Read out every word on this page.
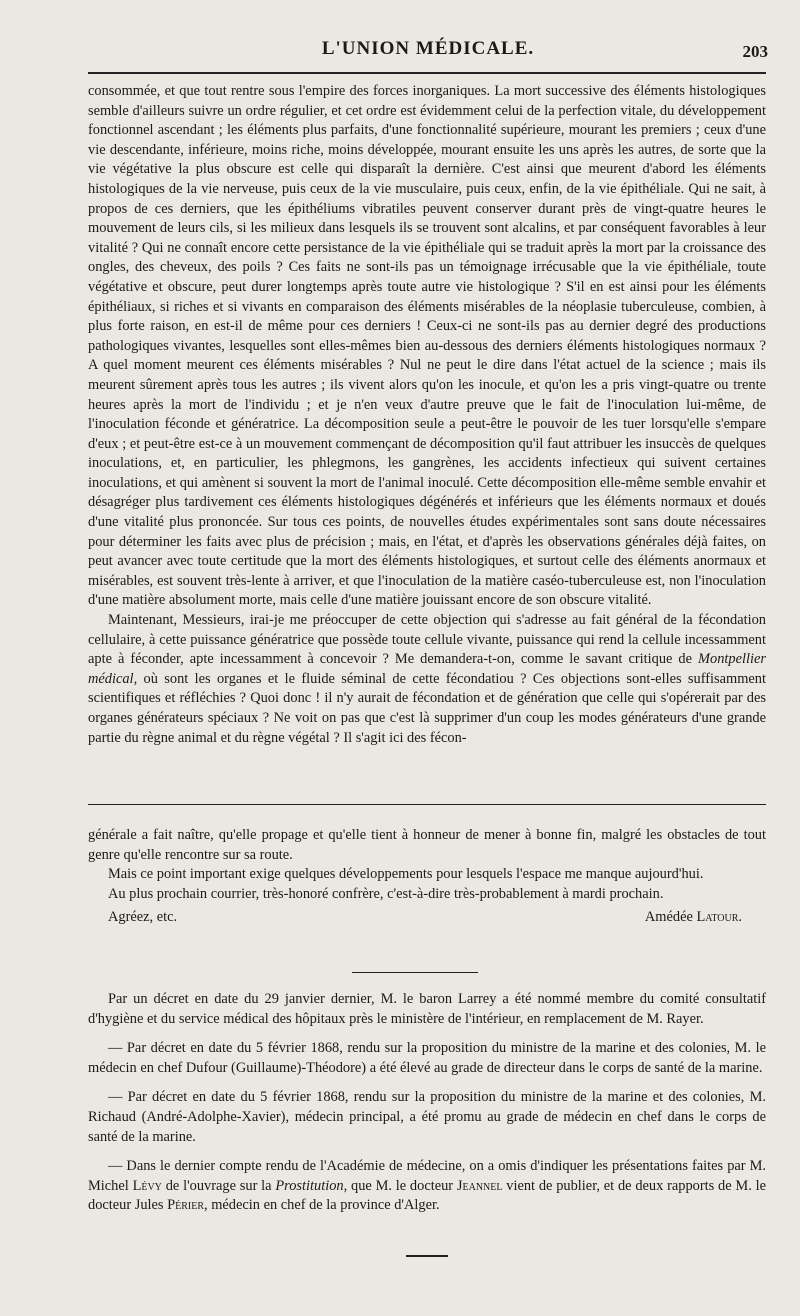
L'UNION MÉDICALE.	203

consommée, et que tout rentre sous l'empire des forces inorganiques. La mort successive des éléments histologiques semble d'ailleurs suivre un ordre régulier, et cet ordre est évidemment celui de la perfection vitale, du développement fonctionnel ascendant ; les éléments plus parfaits, d'une fonctionnalité supérieure, mourant les premiers ; ceux d'une vie descendante, inférieure, moins riche, moins développée, mourant ensuite les uns après les autres, de sorte que la vie végétative la plus obscure est celle qui disparaît la dernière. C'est ainsi que meurent d'abord les éléments histologiques de la vie nerveuse, puis ceux de la vie musculaire, puis ceux, enfin, de la vie épithéliale. Qui ne sait, à propos de ces derniers, que les épithéliums vibratiles peuvent conserver durant près de vingt-quatre heures le mouvement de leurs cils, si les milieux dans lesquels ils se trouvent sont alcalins, et par conséquent favorables à leur vitalité ? Qui ne connaît encore cette persistance de la vie épithéliale qui se traduit après la mort par la croissance des ongles, des cheveux, des poils ? Ces faits ne sont-ils pas un témoignage irrécusable que la vie épithéliale, toute végétative et obscure, peut durer longtemps après toute autre vie histologique ? S'il en est ainsi pour les éléments épithéliaux, si riches et si vivants en comparaison des éléments misérables de la néoplasie tuberculeuse, combien, à plus forte raison, en est-il de même pour ces derniers ! Ceux-ci ne sont-ils pas au dernier degré des productions pathologiques vivantes, lesquelles sont elles-mêmes bien au-dessous des derniers éléments histologiques normaux ? A quel moment meurent ces éléments misérables ? Nul ne peut le dire dans l'état actuel de la science ; mais ils meurent sûrement après tous les autres ; ils vivent alors qu'on les inocule, et qu'on les a pris vingt-quatre ou trente heures après la mort de l'individu ; et je n'en veux d'autre preuve que le fait de l'inoculation lui-même, de l'inoculation féconde et génératrice. La décomposition seule a peut-être le pouvoir de les tuer lorsqu'elle s'empare d'eux ; et peut-être est-ce à un mouvement commençant de décomposition qu'il faut attribuer les insuccès de quelques inoculations, et, en particulier, les phlegmons, les gangrènes, les accidents infectieux qui suivent certaines inoculations, et qui amènent si souvent la mort de l'animal inoculé. Cette décomposition elle-même semble envahir et désagréger plus tardivement ces éléments histologiques dégénérés et inférieurs que les éléments normaux et doués d'une vitalité plus prononcée. Sur tous ces points, de nouvelles études expérimentales sont sans doute nécessaires pour déterminer les faits avec plus de précision ; mais, en l'état, et d'après les observations générales déjà faites, on peut avancer avec toute certitude que la mort des éléments histologiques, et surtout celle des éléments anormaux et misérables, est souvent très-lente à arriver, et que l'inoculation de la matière caséo-tuberculeuse est, non l'inoculation d'une matière absolument morte, mais celle d'une matière jouissant encore de son obscure vitalité.

Maintenant, Messieurs, irai-je me préoccuper de cette objection qui s'adresse au fait général de la fécondation cellulaire, à cette puissance génératrice que possède toute cellule vivante, puissance qui rend la cellule incessamment apte à féconder, apte incessamment à concevoir ? Me demandera-t-on, comme le savant critique de Montpellier médical, où sont les organes et le fluide séminal de cette fécondatiou ? Ces objections sont-elles suffisamment scientifiques et réfléchies ? Quoi donc ! il n'y aurait de fécondation et de génération que celle qui s'opérerait par des organes générateurs spéciaux ? Ne voit on pas que c'est là supprimer d'un coup les modes générateurs d'une grande partie du règne animal et du règne végétal ? Il s'agit ici des fécon-

générale a fait naître, qu'elle propage et qu'elle tient à honneur de mener à bonne fin, malgré les obstacles de tout genre qu'elle rencontre sur sa route.

Mais ce point important exige quelques développements pour lesquels l'espace me manque aujourd'hui.

Au plus prochain courrier, très-honoré confrère, c'est-à-dire très-probablement à mardi prochain.

Agréez, etc.	Amédée Latour.

Par un décret en date du 29 janvier dernier, M. le baron Larrey a été nommé membre du comité consultatif d'hygiène et du service médical des hôpitaux près le ministère de l'intérieur, en remplacement de M. Rayer.

— Par décret en date du 5 février 1868, rendu sur la proposition du ministre de la marine et des colonies, M. le médecin en chef Dufour (Guillaume)-Théodore) a été élevé au grade de directeur dans le corps de santé de la marine.

— Par décret en date du 5 février 1868, rendu sur la proposition du ministre de la marine et des colonies, M. Richaud (André-Adolphe-Xavier), médecin principal, a été promu au grade de médecin en chef dans le corps de santé de la marine.

— Dans le dernier compte rendu de l'Académie de médecine, on a omis d'indiquer les présentations faites par M. Michel Lévy de l'ouvrage sur la Prostitution, que M. le docteur Jeannel vient de publier, et de deux rapports de M. le docteur Jules Périer, médecin en chef de la province d'Alger.
